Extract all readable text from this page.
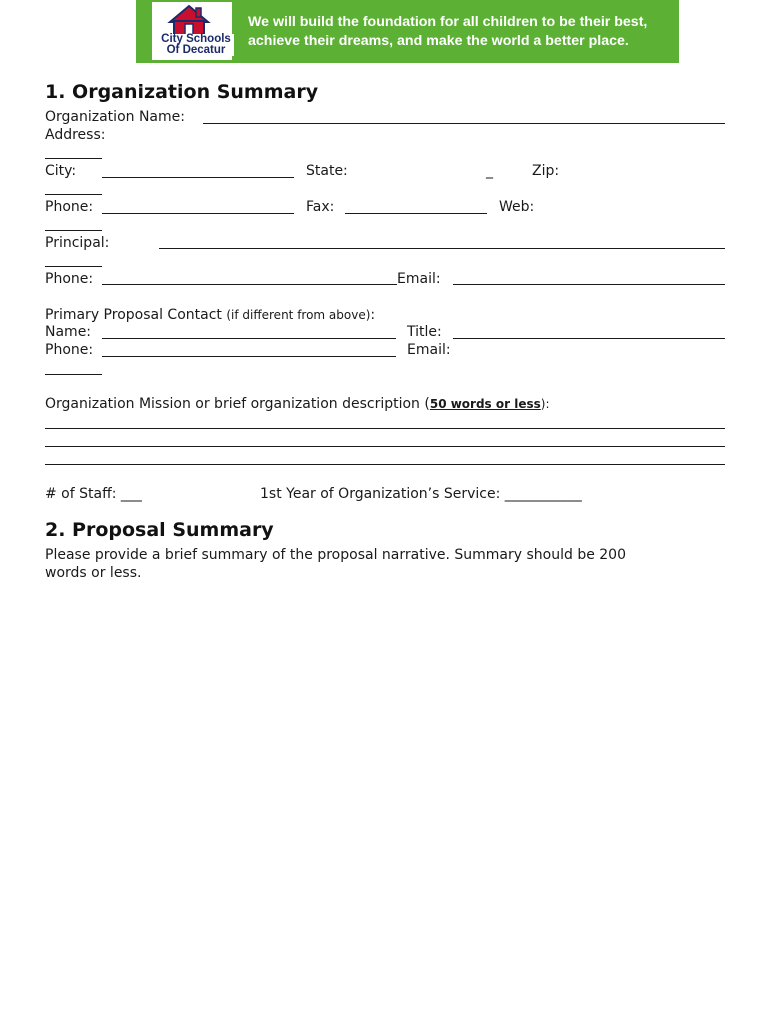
City Schools
Of Decatur
We will build the foundation for all children to be their best,
achieve their dreams, and make the world a better place.
1. Organization Summary
Organization Name:
Address:
City:	State:	_	Zip:
Phone:	Fax:	Web:
Principal:
Phone:	Email:
Primary Proposal Contact (if different from above):
Name:	Title:
Phone:	Email:
Organization Mission or brief organization description (50 words or less):
# of Staff: ___	1st Year of Organization’s Service: ___________
2. Proposal Summary
Please provide a brief summary of the proposal narrative. Summary should be 200
words or less.
